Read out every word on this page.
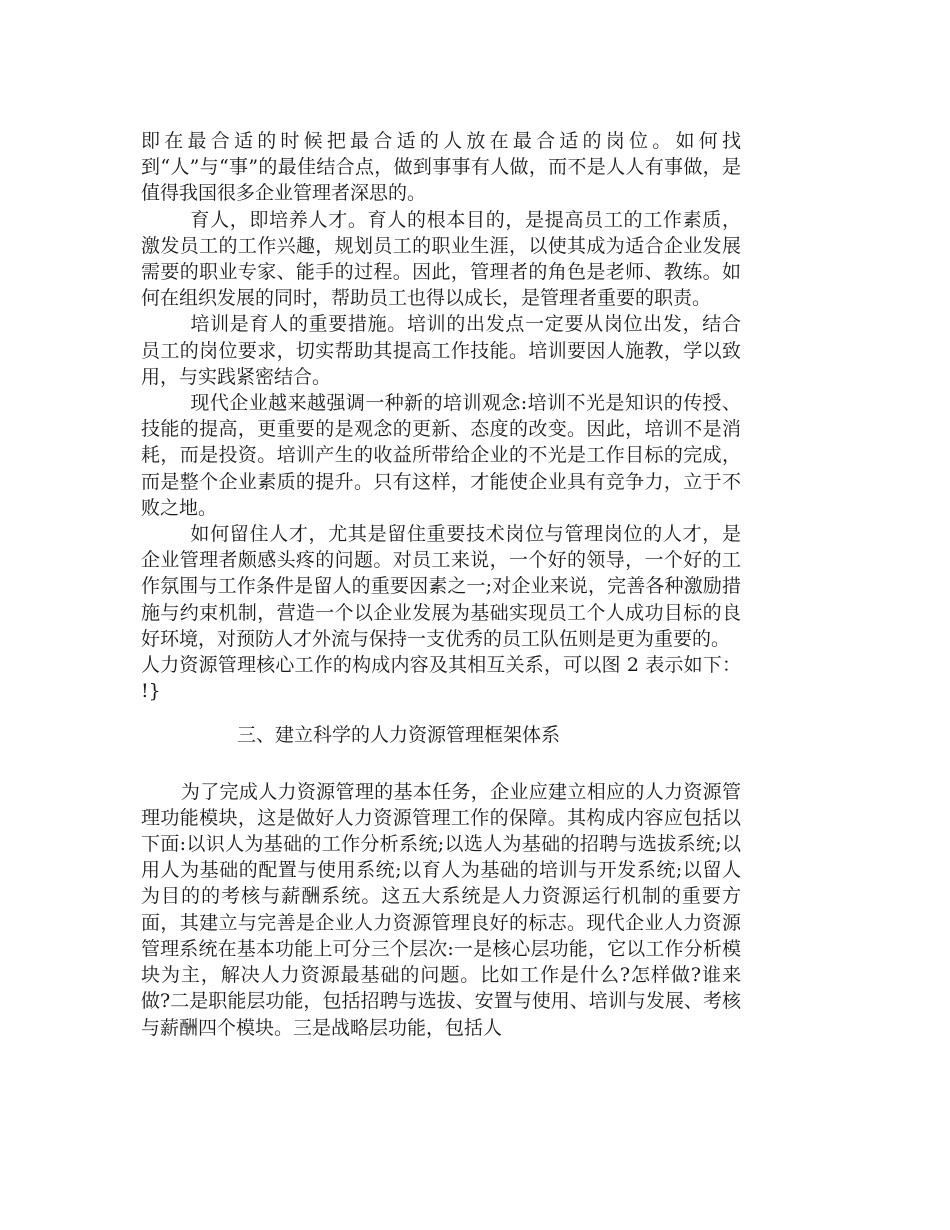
即在最合适的时候把最合适的人放在最合适的岗位。如何找到“人”与“事”的最佳结合点，做到事事有人做，而不是人人有事做，是值得我国很多企业管理者深思的。

育人，即培养人才。育人的根本目的，是提高员工的工作素质，激发员工的工作兴趣，规划员工的职业生涯，以使其成为适合企业发展需要的职业专家、能手的过程。因此，管理者的角色是老师、教练。如何在组织发展的同时，帮助员工也得以成长，是管理者重要的职责。

培训是育人的重要措施。培训的出发点一定要从岗位出发，结合员工的岗位要求，切实帮助其提高工作技能。培训要因人施教，学以致用，与实践紧密结合。

现代企业越来越强调一种新的培训观念:培训不光是知识的传授、技能的提高，更重要的是观念的更新、态度的改变。因此，培训不是消耗，而是投资。培训产生的收益所带给企业的不光是工作目标的完成，而是整个企业素质的提升。只有这样，才能使企业具有竞争力，立于不败之地。

如何留住人才，尤其是留住重要技术岗位与管理岗位的人才，是企业管理者颇感头疼的问题。对员工来说，一个好的领导，一个好的工作氛围与工作条件是留人的重要因素之一;对企业来说，完善各种激励措施与约束机制，营造一个以企业发展为基础实现员工个人成功目标的良好环境，对预防人才外流与保持一支优秀的员工队伍则是更为重要的。

人力资源管理核心工作的构成内容及其相互关系，可以图 2 表示如下： !}

三、建立科学的人力资源管理框架体系

为了完成人力资源管理的基本任务，企业应建立相应的人力资源管理功能模块，这是做好人力资源管理工作的保障。其构成内容应包括以下面:以识人为基础的工作分析系统;以选人为基础的招聘与选拔系统;以用人为基础的配置与使用系统;以育人为基础的培训与开发系统;以留人为目的的考核与薪酬系统。这五大系统是人力资源运行机制的重要方面，其建立与完善是企业人力资源管理良好的标志。现代企业人力资源管理系统在基本功能上可分三个层次:一是核心层功能，它以工作分析模块为主，解决人力资源最基础的问题。比如工作是什么?怎样做?谁来做?二是职能层功能，包括招聘与选拔、安置与使用、培训与发展、考核与薪酬四个模块。三是战略层功能，包括人
